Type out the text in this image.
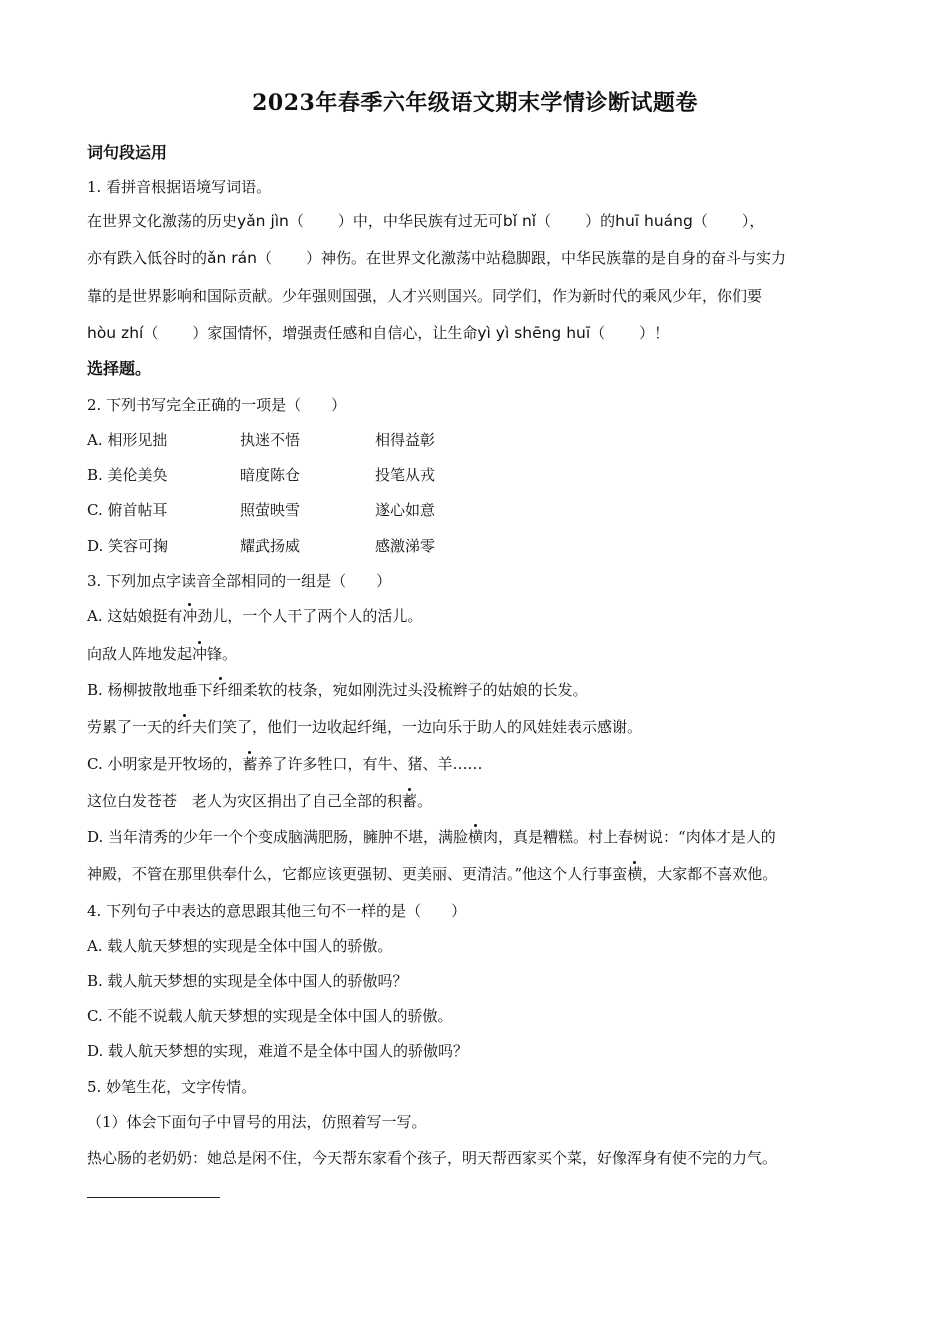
2023年春季六年级语文期末学情诊断试题卷
词句段运用
1. 看拼音根据语境写词语。
在世界文化激荡的历史yǎn jìn（ ）中，中华民族有过无可bǐ nǐ（ ）的huī huáng（ ），
亦有跌入低谷时的ǎn rán（ ）神伤。在世界文化激荡中站稳脚跟，中华民族靠的是自身的奋斗与实力
靠的是世界影响和国际贡献。少年强则国强，人才兴则国兴。同学们，作为新时代的乘风少年，你们要
hòu zhí（ ）家国情怀，增强责任感和自信心，让生命yì yì shēng huī（ ）！
选择题。
2. 下列书写完全正确的一项是（　　）
A. 相形见拙	执迷不悟	相得益彰
B. 美伦美奂	暗度陈仓	投笔从戎
C. 俯首帖耳	照萤映雪	遂心如意
D. 笑容可掬	耀武扬威	感激涕零
3. 下列加点字读音全部相同的一组是（　　）
A. 这姑娘挺有冲劲儿，一个人干了两个人的活儿。
向敌人阵地发起冲锋。
B. 杨柳披散地垂下纤细柔软的枝条，宛如刚洗过头没梳辫子的姑娘的长发。
劳累了一天的纤夫们笑了，他们一边收起纤绳，一边向乐于助人的风娃娃表示感谢。
C. 小明家是开牧场的，蓄养了许多牲口，有牛、猪、羊……
这位白发苍苍　老人为灾区捐出了自己全部的积蓄。
D. 当年清秀的少年一个个变成脑满肥肠，臃肿不堪，满脸横肉，真是糟糕。村上春树说：“肉体才是人的
神殿，不管在那里供奉什么，它都应该更强韧、更美丽、更清洁。”他这个人行事蛮横，大家都不喜欢他。
4. 下列句子中表达的意思跟其他三句不一样的是（　　）
A. 载人航天梦想的实现是全体中国人的骄傲。
B. 载人航天梦想的实现是全体中国人的骄傲吗？
C. 不能不说载人航天梦想的实现是全体中国人的骄傲。
D. 载人航天梦想的实现，难道不是全体中国人的骄傲吗？
5. 妙笔生花，文字传情。
（1）体会下面句子中冒号的用法，仿照着写一写。
热心肠的老奶奶：她总是闲不住，今天帮东家看个孩子，明天帮西家买个菜，好像浑身有使不完的力气。
